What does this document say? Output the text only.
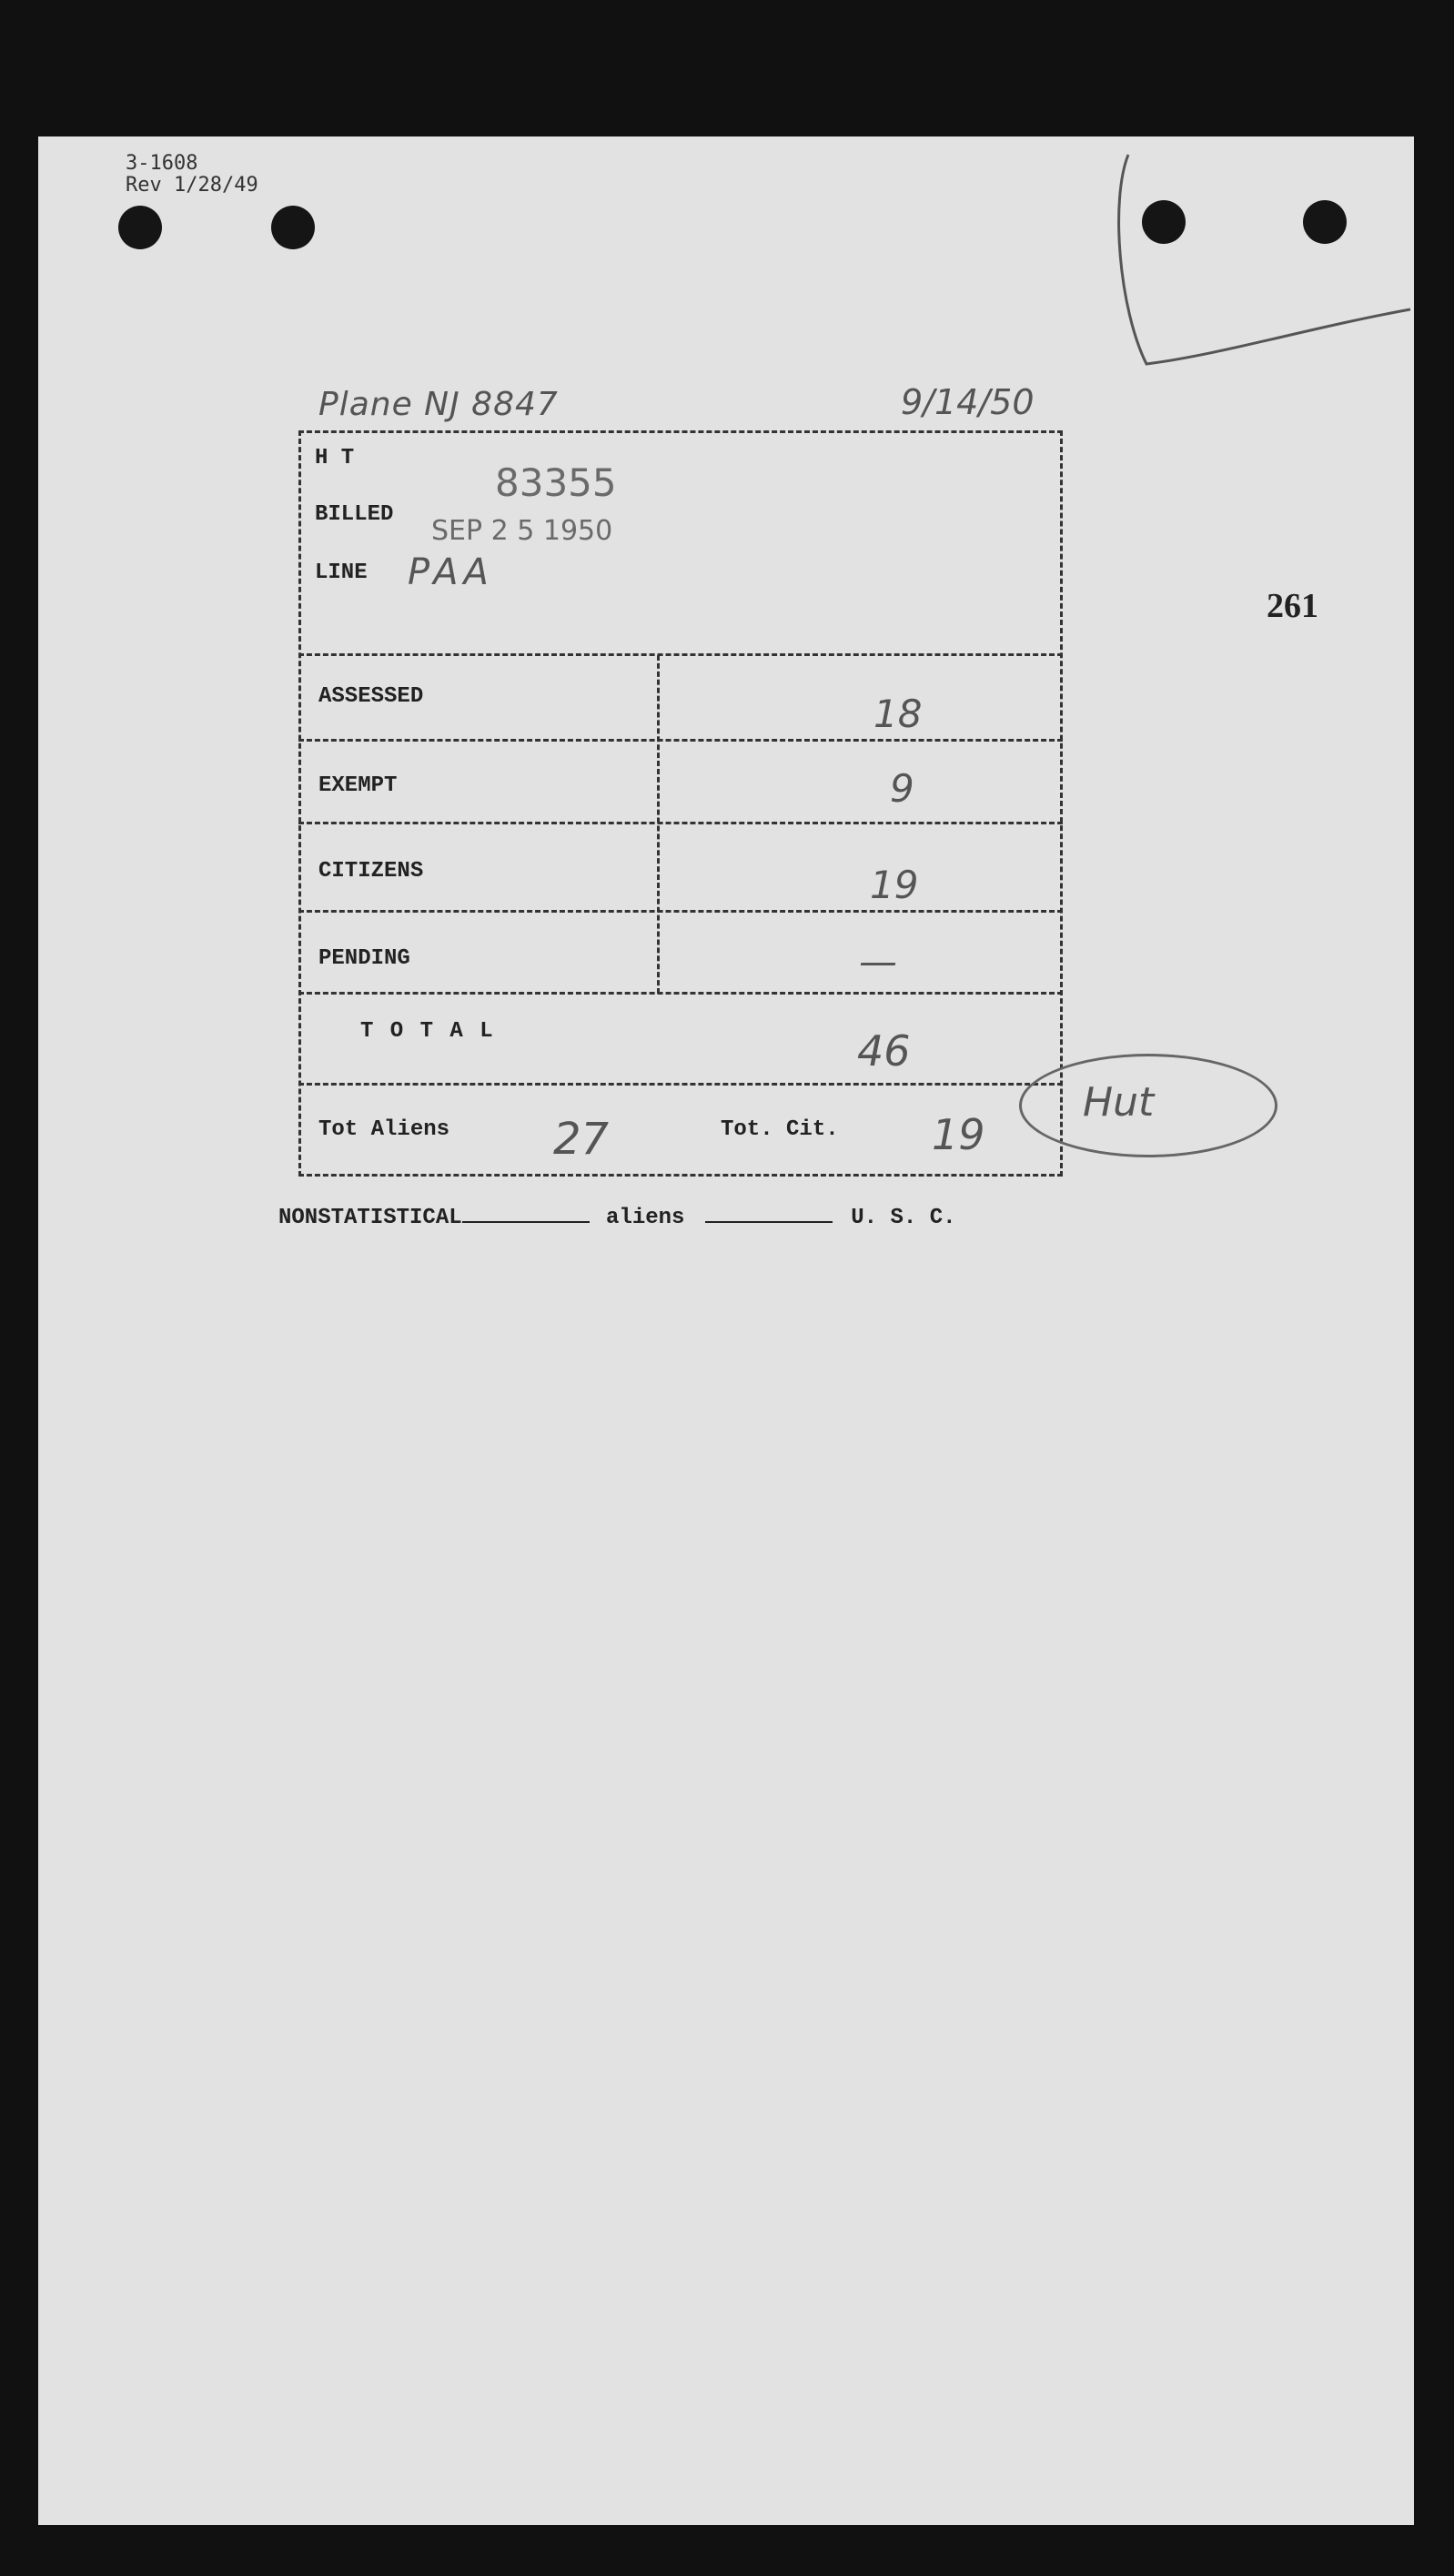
3-1608
Rev 1/28/49
Plane NJ 8847	9/14/50
261
H T
83355
BILLED
SEP 2 5 1950
LINE PAA
ASSESSED	18
EXEMPT	9
CITIZENS	19
PENDING	—
T O T A L	46
Tot Aliens 27	Tot. Cit. 19
Hut
NONSTATISTICAL	aliens	U. S. C.
